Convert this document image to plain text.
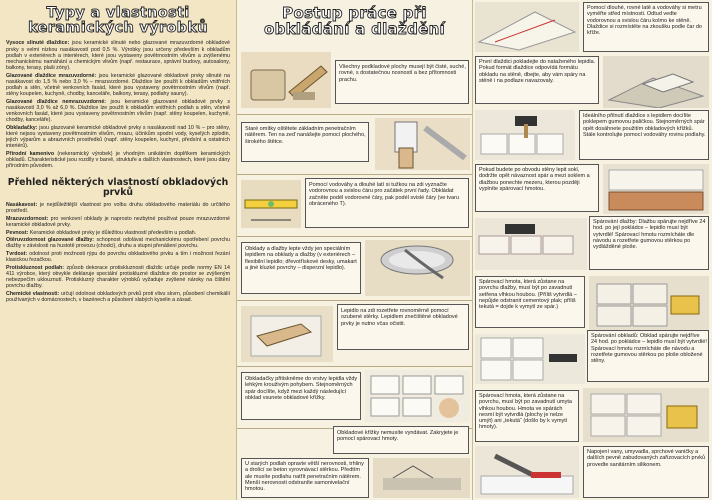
Typy a vlastnosti keramických výrobků

Vysoce slinuté dlaždice: jsou keramické slinuté nebo glazované mrazuvzdorné obkladové prvky s velmi nízkou nasákavostí pod 0,5 %. Výrobky jsou určeny především k obkladům podlah v exteriérech a interiérech, které jsou vystaveny povětrnostním vlivům a zvýšenému mechanickému namáhání a chemickým vlivům (např. restaurace, správní budovy, autosalony, balkony, terasy, plaši zóny).

Glazované dlaždice mrazuvzdorné: jsou keramické glazované obkladové prvky slinuté na nasákavost do 1,5 % nebo 3,0 % – mrazuvzdorné. Dlaždice lze použít k obkladům vnitřních podlah a stěn, včetně venkovních fasád, které jsou vystaveny povětrnostním vlivům (např. stěny koupelen, kuchyně, chodby, kanceláře, balkony, terasy, podlahy sauny).

Glazované dlaždice nemrazuvzdorné: jsou keramické glazované obkladové prvky s nasákavostí 3,0 % až 6,0 %. Dlaždice lze použít k obkladům vnitřních podlah a stěn, včetně venkovních fasád, které jsou vystaveny povětrnostním vlivům (např. stěny koupelen, kuchyně, chodby, kanceláře).

Obkladačky: jsou glazované keramické obkladové prvky s nasákavostí nad 10 % – pro stěny, které nejsou vystaveny povětrnostním vlivům, mrazu, účinkům spodní vody, kyselých zplodin, jejich výparům a abrazivních prostředků (např. stěny koupelen, kuchyní, předsíní a ostatních interiérů).

Přírodní kamenivo (nekeramický výrobek) je vhodným unikátním doplňkem keramických obkladů. Charakteristické jsou rozdíly v barvě, struktuře a dalších vlastnostech, které jsou dány přírodním původem.

Přehled některých vlastností obkladových prvků

Nasákavost: je nejdůležitější vlastnost pro volbu druhu obkladového materiálu do určitého prostředí.

Mrazuvzdornost: pro venkovní obklady je naprosto nezbytné použivat pouze mrazuvzdorné keramické obkladové prvky.

Pevnost: Keramické obkladové prvky je důležitou vlastností především u podlah.

Otěruvzdornost glazované dlažby: schopnost odolávat mechanickému opotřebení povrchu dlažby v závislosti na hustotě provozu (chodci), druhu a stupni přenášení povrchu.

Tvrdost: odolnost proti možnosti rýpu do povrchu obkladového prvku a tím i možnost řezání klasickou řezačkou.

Protiskluznost podlah: způsob dekorace protiskluznosti dlaždic určuje podle normy EN 14 411 výrobce, který obvykle deklaruje speciální protiskluzné dlaždice do prostor se zvýšeným nebezpečím uklouznutí. Protiskluzný charakter výrobků vyžaduje zvýšené nároky na čištění povrchu dlažby.

Chemické vlastnosti: určují odolnost obkladových prvků proti vlivu skvrn, působení chemikálií používaných v domácnostech, v bazénech a působení slabých kyselin a zásad.

Postup práce při obkládání a dlaždění
Všechny podkladové plochy musejí být čisté, suché, rovné, s dostatečnou nosností a bez přítomnosti prachu.
Staré omítky oštětete základním penetračním nátěrem. Ten na zeď nanášejte pomocí plochého, širokého štětce.
Pomocí vodováhy a dlouhé latí si tužkou na zdi vyznačte vodorovnou a svislou čáru pro začátek první řady. Obkládat začněte podél vodorovné čáry, pak podél svislé čáry (ve tvaru obráceného T).
Obklady a dlažby lepte vždy jen speciálním lepidlem na obklady a dlažby (v exteriérech – flexibilní lepidlo; dřevotřískové desky, umakart a jiné kluzké povrchy – disperzní lepidlo).
Lepidlo na zdi rozetřete rovnoměrně pomocí ozubené stěrky. Lepidlem znečištěné obkladové prvky je nutno včas očistit.
Obkladačky přitiskněme do vrstvy lepidla vždy lehkým krouživým pohybem. Stejnoměrných spár docílíte, když mezi každý následující obklad vsunete obkladové křížky.
Obkladové křížky nemusíte vyndávat. Zakryjete je pomocí spárovací hmoty.
U starých podlah opravte větší nerovnosti, trhliny a drolící se beton vyrovnávací stěrkou. Předtím ale musíte podlahu natřít penetračním nátěrem. Menší nerovnosti odstraníte samonivelační hmotou.
Pomocí dlouhé, rovné latě a vodováhy si metru vyměřte střed místnosti. Odtud vedte vodorovnou a svislou čáru kolmo ke stěně. Dlaždice si rozmístěte na zkoušku podle čar do kříže.
První dlaždici pokladejte do nataženého lepidla. Pokud formát dlaždice odpovídá formátu obkladu na stěně, dbejte, aby vám spáry na stěně i na podlaze navazovaly.
Ideálního přilnutí dlaždice s lepidlem docílíte poklepem gumovou paličkou. Stejnoměrných spár opět dosáhnete použitím obkladových křížků. Stále kontrolujte pomocí vodováhy rovinu podlahy.
Pokud budete po obvodu stěny lepit sokl, dodržte opět návaznost spár a mezi soklem a dlažbou ponechte mezeru, kterou později vyplníte spárovací hmotou.
Spárování dlažby: Dlažbu spárujte nejdříve 24 hod. po její pokládce – lepidlo musí být vytvrdlé! Spárovací hmotu rozmícháte dle návodu a rozetřete gumovou stěrkou po vydlážděné ploše.
Spárovací hmota, která zůstane na povrchu dlažby, musí být po zavadnutí setřena vlhkou houbou. (Příliš vytvrdlá – nepůjde odstranit cementový plak; příliš tekutá = dojde k vymytí ze spár.)
Spárování obkladů: Obklad spárujte nejdříve 24 hod. po pokládce – lepidlo musí být vytvrdlé! Spárovací hmotu rozmícháte dle návodu a rozetřete gumovou stěrkou po ploše obložené stěny.
Spárovací hmota, která zůstane na povrchu, musí být po zavadnutí umyta vlhkou houbou. Hmota ve spárách nesmí být vytvrdlá (plochy je nelze umýt) ani „tekutá“ (došlo by k vymytí hmoty).
Napojení vany, umyvadla, sprchové vaničky a dalších pevně zabudovaných zařizovacích prvků provedte sanitárním silikonem.
